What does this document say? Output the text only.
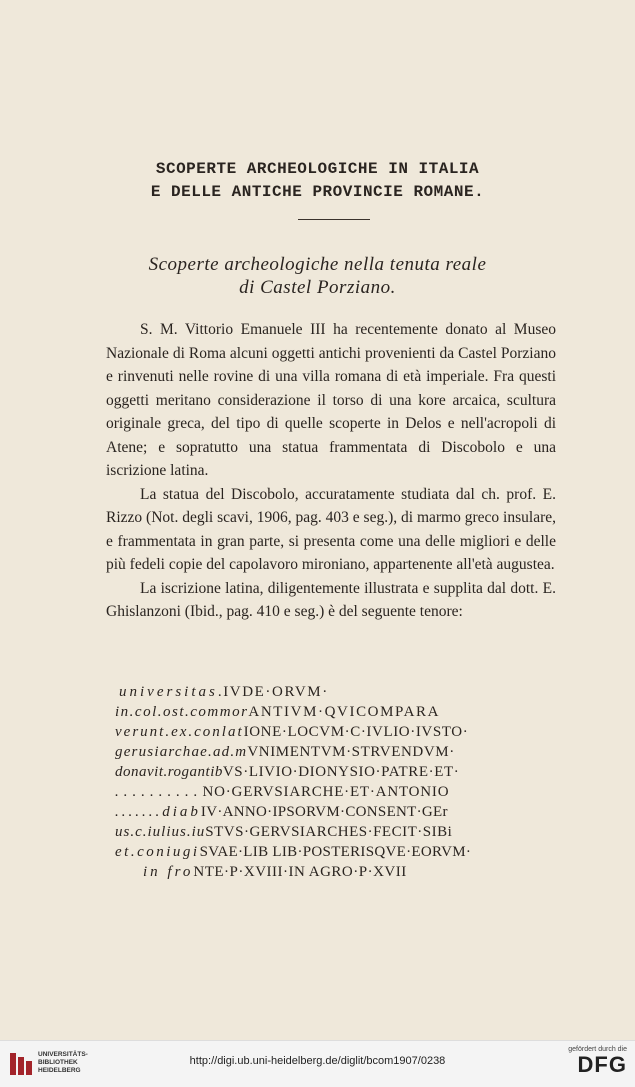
SCOPERTE ARCHEOLOGICHE IN ITALIA
E DELLE ANTICHE PROVINCIE ROMANE.
Scoperte archeologiche nella tenuta reale
di Castel Porziano.

S. M. Vittorio Emanuele III ha recentemente donato al Museo Nazionale di Roma alcuni oggetti antichi provenienti da Castel Porziano e rinvenuti nelle rovine di una villa romana di età imperiale. Fra questi oggetti meritano considerazione il torso di una kore arcaica, scultura originale greca, del tipo di quelle scoperte in Delos e nell'acropoli di Atene; e sopratutto una statua frammentata di Discobolo e una iscrizione latina.

La statua del Discobolo, accuratamente studiata dal ch. prof. E. Rizzo (Not. degli scavi, 1906, pag. 403 e seg.), di marmo greco insulare, e frammentata in gran parte, si presenta come una delle migliori e delle più fedeli copie del capolavoro mironiano, appartenente all'età augustea.

La iscrizione latina, diligentemente illustrata e supplita dal dott. E. Ghislanzoni (Ibid., pag. 410 e seg.) è del seguente tenore:

universitas.IVDE·ORVM·
in.col.ost.commorANTIVM·QVICOMPARA
verunt.ex.conlatIONE·LOCVM·C·IVLIO·IVSTO·
gerusiarchae.ad.mVNIMENTVM·STRVENDVM·
donavit.rogantibVS·LIVIO·DIONYSIO·PATRE·ET·
..........NO·GERVSIARCHE·ET·ANTONIO
.......diabIV·ANNO·IPSORVM·CONSENT·GEr
us.c.iulius.iuSTVS·GERVSIARCHES·FECIT·SIBi
et.coniugiSVAE·LIB LIB·POSTERISQVE·EORVM·
in froNTE·P·XVIII·IN AGRO·P·XVII
UNIVERSITÄTS-
BIBLIOTHEK
HEIDELBERG
http://digi.ub.uni-heidelberg.de/diglit/bcom1907/0238
gefördert durch die
DFG
